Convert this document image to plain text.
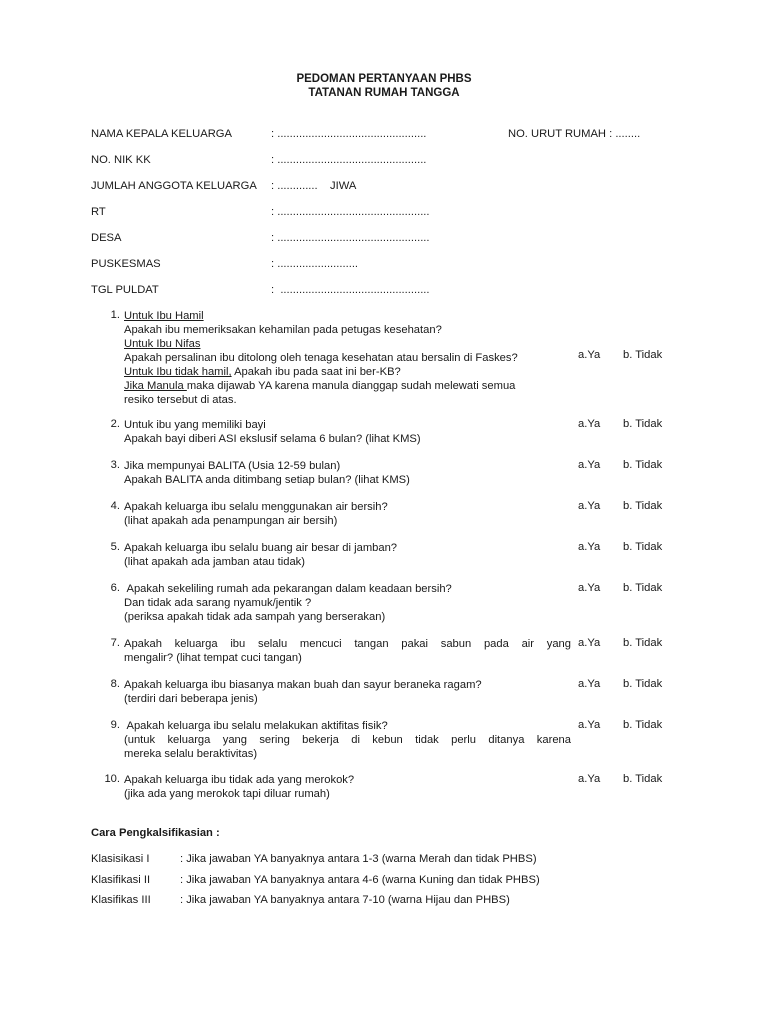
PEDOMAN PERTANYAAN PHBS
TATANAN RUMAH TANGGA
NAMA KEPALA KELUARGA	: ................................................	NO. URUT RUMAH : ........
NO. NIK KK	: ................................................
JUMLAH ANGGOTA KELUARGA : .............    JIWA
RT	: .................................................
DESA	: .................................................
PUSKESMAS	: ..........................
TGL PULDAT	:  ................................................
1. Untuk Ibu Hamil
Apakah ibu memeriksakan kehamilan pada petugas kesehatan?
Untuk Ibu Nifas
Apakah persalinan ibu ditolong oleh tenaga kesehatan atau bersalin di Faskes?
Untuk Ibu tidak hamil, Apakah ibu pada saat ini ber-KB?
Jika Manula maka dijawab YA karena manula dianggap sudah melewati semua
resiko tersebut di atas.
a.Ya b. Tidak
2. Untuk ibu yang memiliki bayi
Apakah bayi diberi ASI ekslusif selama 6 bulan? (lihat KMS)
a.Ya b. Tidak
3. Jika mempunyai BALITA (Usia 12-59 bulan)
Apakah BALITA anda ditimbang setiap bulan? (lihat KMS)
a.Ya b. Tidak
4. Apakah keluarga ibu selalu menggunakan air bersih?
(lihat apakah ada penampungan air bersih)
a.Ya b. Tidak
5. Apakah keluarga ibu selalu buang air besar di jamban?
(lihat apakah ada jamban atau tidak)
a.Ya b. Tidak
6. Apakah sekeliling rumah ada pekarangan dalam keadaan bersih?
Dan tidak ada sarang nyamuk/jentik ?
(periksa apakah tidak ada sampah yang berserakan)
a.Ya b. Tidak
7. Apakah keluarga ibu selalu mencuci tangan pakai sabun pada air yang
mengalir? (lihat tempat cuci tangan)
a.Ya b. Tidak
8. Apakah keluarga ibu biasanya makan buah dan sayur beraneka ragam?
(terdiri dari beberapa jenis)
a.Ya b. Tidak
9. Apakah keluarga ibu selalu melakukan aktifitas fisik?
(untuk keluarga yang sering bekerja di kebun tidak perlu ditanya karena
mereka selalu beraktivitas)
a.Ya b. Tidak
10. Apakah keluarga ibu tidak ada yang merokok?
(jika ada yang merokok tapi diluar rumah)
a.Ya b. Tidak
Cara Pengkalsifikasian :
Klasisikasi I	: Jika jawaban YA banyaknya antara 1-3 (warna Merah dan tidak PHBS)
Klasifikasi II	: Jika jawaban YA banyaknya antara 4-6 (warna Kuning dan tidak PHBS)
Klasifikas III	: Jika jawaban YA banyaknya antara 7-10 (warna Hijau dan PHBS)
